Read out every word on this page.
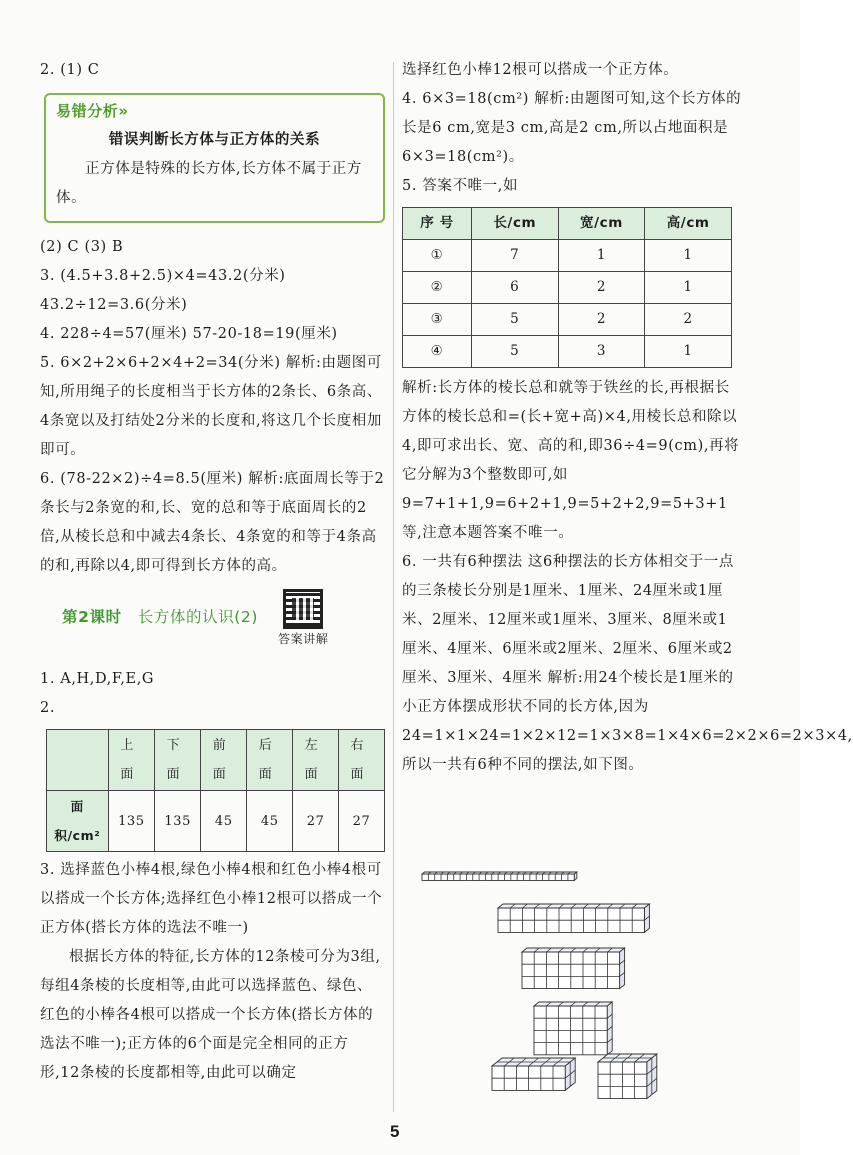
2. (1) C

易错分析»
错误判断长方体与正方体的关系
正方体是特殊的长方体,长方体不属于正方体。

(2) C (3) B

3. (4.5+3.8+2.5)×4=43.2(分米) 43.2÷12=3.6(分米)

4. 228÷4=57(厘米) 57-20-18=19(厘米)

5. 6×2+2×6+2×4+2=34(分米) 解析:由题图可知,所用绳子的长度相当于长方体的2条长、6条高、4条宽以及打结处2分米的长度和,将这几个长度相加即可。

6. (78-22×2)÷4=8.5(厘米) 解析:底面周长等于2条长与2条宽的和,长、宽的总和等于底面周长的2倍,从棱长总和中减去4条长、4条宽的和等于4条高的和,再除以4,即可得到长方体的高。

第2课时 长方体的认识(2)
答案讲解

1. A,H,D,F,E,G

2.

	上 面	下 面	前 面	后 面	左 面	右 面
面积/cm²	135	135	45	45	27	27

3. 选择蓝色小棒4根,绿色小棒4根和红色小棒4根可以搭成一个长方体;选择红色小棒12根可以搭成一个正方体(搭长方体的选法不唯一)

根据长方体的特征,长方体的12条棱可分为3组,每组4条棱的长度相等,由此可以选择蓝色、绿色、红色的小棒各4根可以搭成一个长方体(搭长方体的选法不唯一);正方体的6个面是完全相同的正方形,12条棱的长度都相等,由此可以确定

选择红色小棒12根可以搭成一个正方体。

4. 6×3=18(cm²) 解析:由题图可知,这个长方体的长是6 cm,宽是3 cm,高是2 cm,所以占地面积是6×3=18(cm²)。

5. 答案不唯一,如

序 号	长/cm	宽/cm	高/cm
①	7	1	1
②	6	2	1
③	5	2	2
④	5	3	1

解析:长方体的棱长总和就等于铁丝的长,再根据长方体的棱长总和=(长+宽+高)×4,用棱长总和除以4,即可求出长、宽、高的和,即36÷4=9(cm),再将它分解为3个整数即可,如9=7+1+1,9=6+2+1,9=5+2+2,9=5+3+1等,注意本题答案不唯一。

6. 一共有6种摆法 这6种摆法的长方体相交于一点的三条棱长分别是1厘米、1厘米、24厘米或1厘米、2厘米、12厘米或1厘米、3厘米、8厘米或1厘米、4厘米、6厘米或2厘米、2厘米、6厘米或2厘米、3厘米、4厘米 解析:用24个棱长是1厘米的小正方体摆成形状不同的长方体,因为24=1×1×24=1×2×12=1×3×8=1×4×6=2×2×6=2×3×4,所以一共有6种不同的摆法,如下图。

5
